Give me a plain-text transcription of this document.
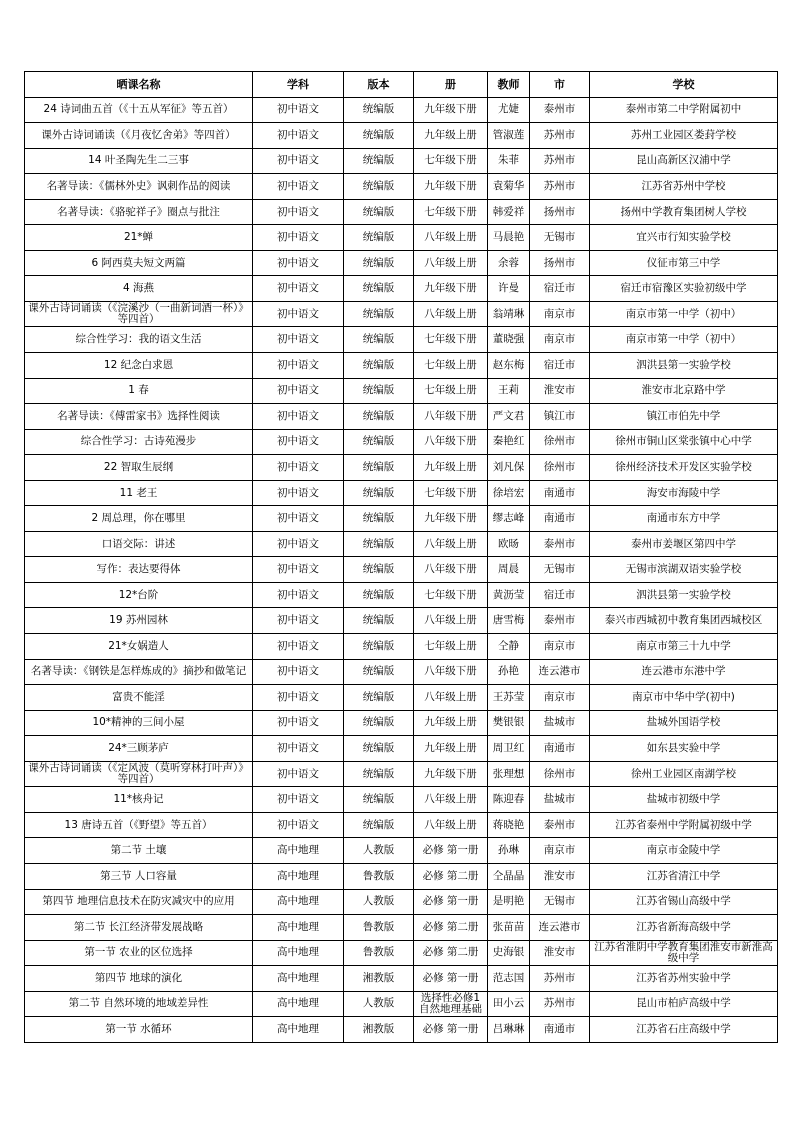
晒课名称	学科	版本	册	教师	市	学校
24 诗词曲五首（《十五从军征》等五首）	初中语文	统编版	九年级下册	尤婕	泰州市	泰州市第二中学附属初中
课外古诗词诵读（《月夜忆舍弟》等四首）	初中语文	统编版	九年级上册	管淑莲	苏州市	苏州工业园区娄葑学校
14 叶圣陶先生二三事	初中语文	统编版	七年级下册	朱菲	苏州市	昆山高新区汉浦中学
名著导读：《儒林外史》讽刺作品的阅读	初中语文	统编版	九年级下册	袁菊华	苏州市	江苏省苏州中学校
名著导读：《骆驼祥子》圈点与批注	初中语文	统编版	七年级下册	韩爱祥	扬州市	扬州中学教育集团树人学校
21*蝉	初中语文	统编版	八年级上册	马晨艳	无锡市	宜兴市行知实验学校
6 阿西莫夫短文两篇	初中语文	统编版	八年级上册	余蓉	扬州市	仪征市第三中学
4 海燕	初中语文	统编版	九年级下册	许曼	宿迁市	宿迁市宿豫区实验初级中学
课外古诗词诵读（《浣溪沙（一曲新词酒一杯）》等四首）	初中语文	统编版	八年级上册	翁靖琳	南京市	南京市第一中学（初中）
综合性学习：我的语文生活	初中语文	统编版	七年级下册	董晓强	南京市	南京市第一中学（初中）
12 纪念白求恩	初中语文	统编版	七年级上册	赵东梅	宿迁市	泗洪县第一实验学校
1 春	初中语文	统编版	七年级上册	王莉	淮安市	淮安市北京路中学
名著导读：《傅雷家书》选择性阅读	初中语文	统编版	八年级下册	严文君	镇江市	镇江市伯先中学
综合性学习：古诗苑漫步	初中语文	统编版	八年级下册	秦艳红	徐州市	徐州市铜山区棠张镇中心中学
22 智取生辰纲	初中语文	统编版	九年级上册	刘凡保	徐州市	徐州经济技术开发区实验学校
11 老王	初中语文	统编版	七年级下册	徐培宏	南通市	海安市海陵中学
2 周总理，你在哪里	初中语文	统编版	九年级下册	缪志峰	南通市	南通市东方中学
口语交际：讲述	初中语文	统编版	八年级上册	欧旸	泰州市	泰州市姜堰区第四中学
写作：表达要得体	初中语文	统编版	八年级下册	周晨	无锡市	无锡市滨湖双语实验学校
12*台阶	初中语文	统编版	七年级下册	黄沥莹	宿迁市	泗洪县第一实验学校
19 苏州园林	初中语文	统编版	八年级上册	唐雪梅	泰州市	泰兴市西城初中教育集团西城校区
21*女娲造人	初中语文	统编版	七年级上册	仝静	南京市	南京市第三十九中学
名著导读：《钢铁是怎样炼成的》摘抄和做笔记	初中语文	统编版	八年级下册	孙艳	连云港市	连云港市东港中学
富贵不能淫	初中语文	统编版	八年级上册	王苏莹	南京市	南京市中华中学(初中)
10*精神的三间小屋	初中语文	统编版	九年级上册	樊银银	盐城市	盐城外国语学校
24*三顾茅庐	初中语文	统编版	九年级上册	周卫红	南通市	如东县实验中学
课外古诗词诵读（《定风波（莫听穿林打叶声）》等四首）	初中语文	统编版	九年级下册	张理想	徐州市	徐州工业园区南湖学校
11*核舟记	初中语文	统编版	八年级上册	陈迎春	盐城市	盐城市初级中学
13 唐诗五首（《野望》等五首）	初中语文	统编版	八年级上册	蒋晓艳	泰州市	江苏省泰州中学附属初级中学
第二节 土壤	高中地理	人教版	必修 第一册	孙琳	南京市	南京市金陵中学
第三节 人口容量	高中地理	鲁教版	必修 第二册	仝晶晶	淮安市	江苏省清江中学
第四节 地理信息技术在防灾减灾中的应用	高中地理	人教版	必修 第一册	是明艳	无锡市	江苏省锡山高级中学
第二节 长江经济带发展战略	高中地理	鲁教版	必修 第二册	张苗苗	连云港市	江苏省新海高级中学
第一节 农业的区位选择	高中地理	鲁教版	必修 第二册	史海银	淮安市	江苏省淮阴中学教育集团淮安市新淮高级中学
第四节 地球的演化	高中地理	湘教版	必修 第一册	范志国	苏州市	江苏省苏州实验中学
第二节 自然环境的地域差异性	高中地理	人教版	选择性必修1 自然地理基础	田小云	苏州市	昆山市柏庐高级中学
第一节 水循环	高中地理	湘教版	必修 第一册	吕琳琳	南通市	江苏省石庄高级中学
